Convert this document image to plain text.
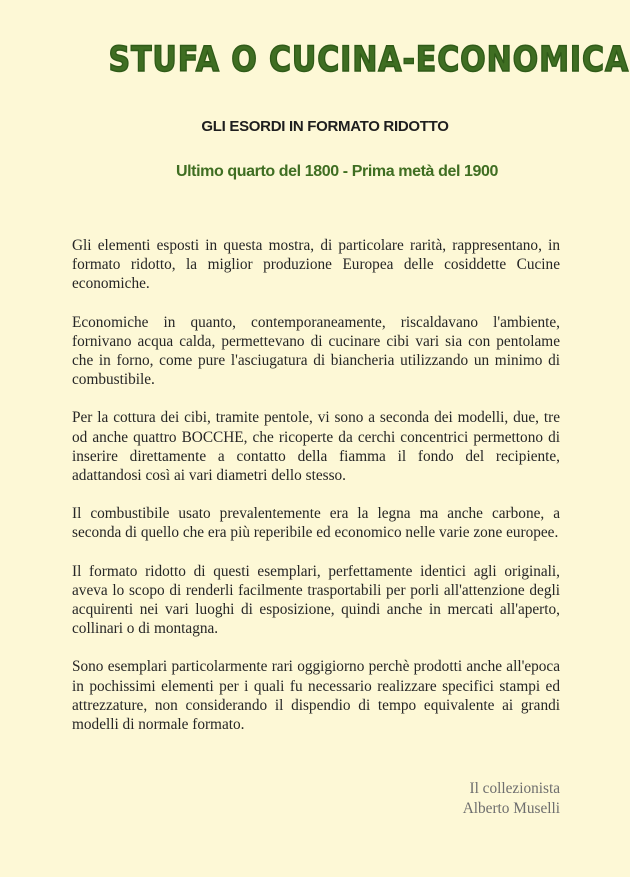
STUFA O CUCINA-ECONOMICA
GLI ESORDI IN FORMATO RIDOTTO
Ultimo quarto del 1800 - Prima metà del 1900

Gli elementi esposti in questa mostra, di particolare rarità, rappresentano, in formato ridotto, la miglior produzione Europea delle cosiddette Cucine economiche.

Economiche in quanto, contemporaneamente, riscaldavano l'ambiente, fornivano acqua calda, permettevano di cucinare cibi vari sia con pentolame che in forno, come pure l'asciugatura di biancheria utilizzando un minimo di combustibile.

Per la cottura dei cibi, tramite pentole, vi sono a seconda dei modelli, due, tre od anche quattro BOCCHE, che ricoperte da cerchi concentrici permettono di inserire direttamente a contatto della fiamma il fondo del recipiente, adattandosi così ai vari diametri dello stesso.

Il combustibile usato prevalentemente era la legna ma anche carbone, a seconda di quello che era più reperibile ed economico nelle varie zone europee.

Il formato ridotto di questi esemplari, perfettamente identici agli originali, aveva lo scopo di renderli facilmente trasportabili per porli all'attenzione degli acquirenti nei vari luoghi di esposizione, quindi anche in mercati all'aperto, collinari o di montagna.

Sono esemplari particolarmente rari oggigiorno perchè prodotti anche all'epoca in pochissimi elementi per i quali fu necessario realizzare specifici stampi ed attrezzature, non considerando il dispendio di tempo equivalente ai grandi modelli di normale formato.

Il collezionista
Alberto Muselli
